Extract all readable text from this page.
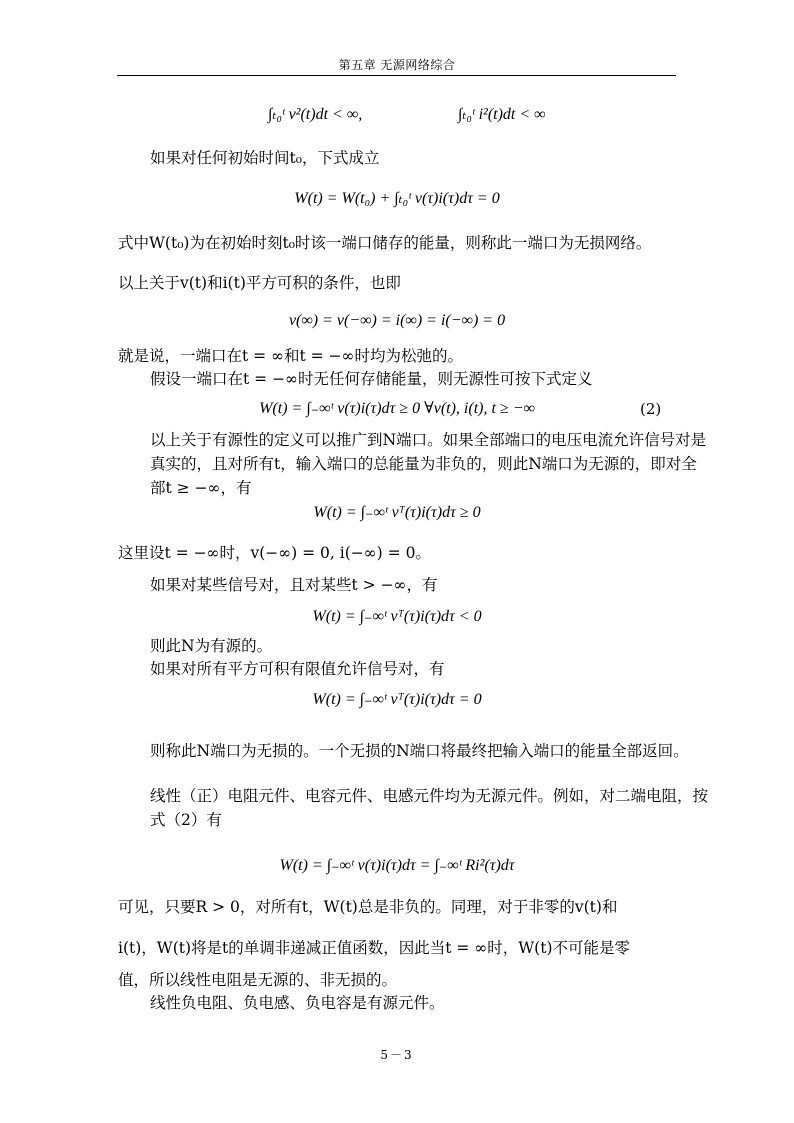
第五章 无源网络综合
∫ₜ₀ᵗ v²(t)dt < ∞,	∫ₜ₀ᵗ i²(t)dt < ∞
如果对任何初始时间t₀，下式成立
W(t) = W(t₀) + ∫ₜ₀ᵗ v(τ)i(τ)dτ = 0
式中W(t₀)为在初始时刻t₀时该一端口储存的能量，则称此一端口为无损网络。
以上关于v(t)和i(t)平方可积的条件，也即
v(∞) = v(−∞) = i(∞) = i(−∞) = 0
就是说，一端口在t = ∞和t = −∞时均为松弛的。
假设一端口在t = −∞时无任何存储能量，则无源性可按下式定义
W(t) = ∫₋∞ᵗ v(τ)i(τ)dτ ≥ 0 ∀v(t), i(t), t ≥ −∞	(2)
以上关于有源性的定义可以推广到N端口。如果全部端口的电压电流允许信号对是真实的，且对所有t，输入端口的总能量为非负的，则此N端口为无源的，即对全部t ≥ −∞，有
W(t) = ∫₋∞ᵗ vᵀ(τ)i(τ)dτ ≥ 0
这里设t = −∞时，v(−∞) = 0, i(−∞) = 0。
如果对某些信号对，且对某些t > −∞，有
W(t) = ∫₋∞ᵗ vᵀ(τ)i(τ)dτ < 0
则此N为有源的。
如果对所有平方可积有限值允许信号对，有
W(t) = ∫₋∞ᵗ vᵀ(τ)i(τ)dτ = 0
则称此N端口为无损的。一个无损的N端口将最终把输入端口的能量全部返回。
线性（正）电阻元件、电容元件、电感元件均为无源元件。例如，对二端电阻，按式（2）有
W(t) = ∫₋∞ᵗ v(τ)i(τ)dτ = ∫₋∞ᵗ Ri²(τ)dτ
可见，只要R > 0，对所有t，W(t)总是非负的。同理，对于非零的v(t)和
i(t)，W(t)将是t的单调非递减正值函数，因此当t = ∞时，W(t)不可能是零
值，所以线性电阻是无源的、非无损的。
线性负电阻、负电感、负电容是有源元件。
5－3
